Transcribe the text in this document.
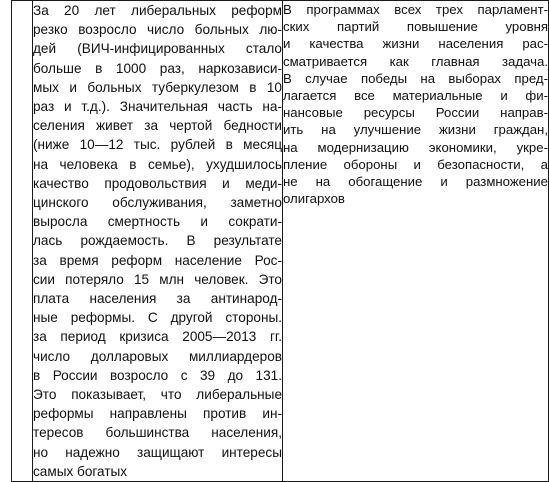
За 20 лет либеральных реформ
резко возросло число больных лю-
дей (ВИЧ-инфицированных стало
больше в 1000 раз, наркозависи-
мых и больных туберкулезом в 10
раз и т.д.). Значительная часть на-
селения живет за чертой бедности
(ниже 10—12 тыс. рублей в месяц
на человека в семье), ухудшилось
качество продовольствия и меди-
цинского обслуживания, заметно
выросла смертность и сократи-
лась рождаемость. В результате
за время реформ население Рос-
сии потеряло 15 млн человек. Это
плата населения за антинарод-
ные реформы. С другой стороны.
за период кризиса 2005—2013 гг.
число долларовых миллиардеров
в России возросло с 39 до 131.
Это показывает, что либеральные
реформы направлены против ин-
тересов большинства населения,
но надежно защищают интересы
самых богатых

В программах всех трех парламент-
ских партий повышение уровня
и качества жизни населения рас-
сматривается как главная задача.
В случае победы на выборах пред-
лагается все материальные и фи-
нансовые ресурсы России направ-
ить на улучшение жизни граждан,
на модернизацию экономики, укре-
пление обороны и безопасности, а
не на обогащение и размножение
олигархов
